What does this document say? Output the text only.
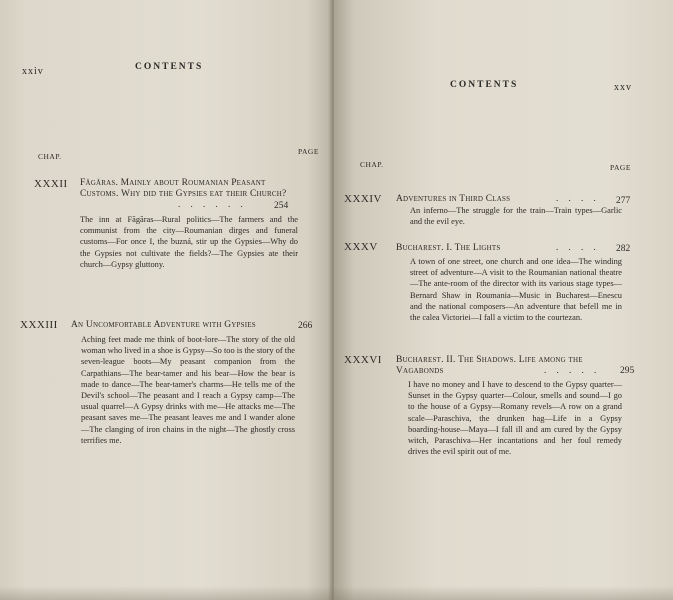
xxiv	CONTENTS
CHAP.
PAGE
XXXII Făgăras. Mainly about Roumanian Peasant Customs. Why did the Gypsies eat their Church?
. . . . . .	254
The inn at Făgăras—Rural politics—The farmers and the communist from the city—Roumanian dirges and funeral customs—For once I, the buzná, stir up the Gypsies—Why do the Gypsies not cultivate the fields?—The Gypsies ate their church—Gypsy gluttony.
XXXIII An Uncomfortable Adventure with Gypsies	266
Aching feet made me think of boot-lore—The story of the old woman who lived in a shoe is Gypsy—So too is the story of the seven-league boots—My peasant companion from the Carpathians—The bear-tamer and his bear—How the bear is made to dance—The bear-tamer's charms—He tells me of the Devil's school—The peasant and I reach a Gypsy camp—The usual quarrel—A Gypsy drinks with me—He attacks me—The peasant saves me—The peasant leaves me and I wander alone—The clanging of iron chains in the night—The ghostly cross terrifies me.
CONTENTS	xxv
CHAP.	PAGE
XXXIV Adventures in Third Class	. . . . 277
An inferno—The struggle for the train—Train types—Garlic and the evil eye.
XXXV Bucharest. I. The Lights	. . . . 282
A town of one street, one church and one idea—The winding street of adventure—A visit to the Roumanian national theatre—The ante-room of the director with its various stage types—Bernard Shaw in Roumania—Music in Bucharest—Enescu and the national composers—An adventure that befell me in the calea Victoriei—I fall a victim to the courtezan.
XXXVI Bucharest. II. The Shadows. Life among the Vagabonds	. . . . . 295
I have no money and I have to descend to the Gypsy quarter—Sunset in the Gypsy quarter—Colour, smells and sound—I go to the house of a Gypsy—Romany revels—A row on a grand scale—Paraschiva, the drunken hag—Life in a Gypsy boarding-house—Maya—I fall ill and am cured by the Gypsy witch, Paraschiva—Her incantations and her foul remedy drives the evil spirit out of me.
